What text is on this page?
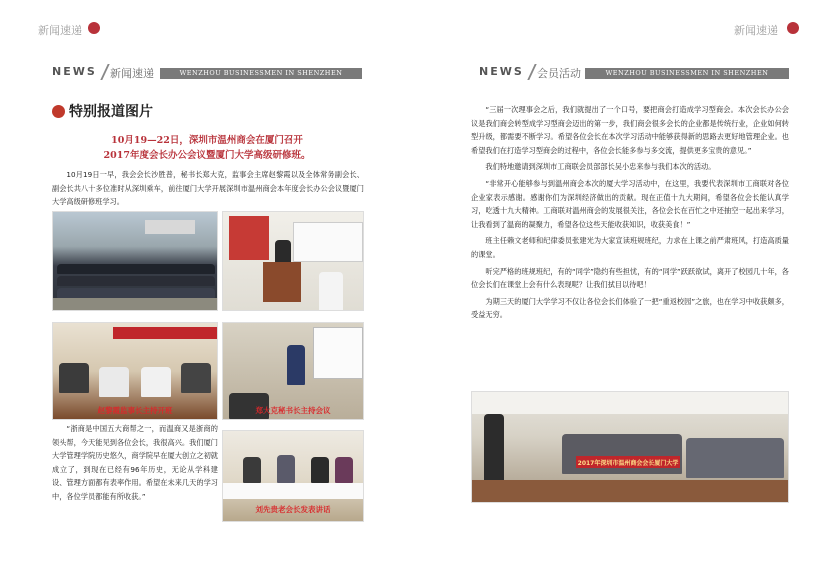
新闻速递
NEWS 新闻速递	WENZHOU BUSINESSMEN IN SHENZHEN
特别报道图片
10月19—22日，深圳市温州商会在厦门召开
2017年度会长办公会议暨厦门大学高级研修班。

10月19日一早，我会会长沙胜普，秘书长郑大克，监事会主席赵黎霞以及全体常务副会长、副会长共八十多位准时从深圳乘车，前往厦门大学开展深圳市温州商会本年度会长办公会议暨厦门大学高级研修班学习。

赵黎霞监事长主持开班	郑大克秘书长主持会议

“浙商是中国五大商帮之一，而温商又是浙商的领头帮，今天能见到各位会长，我很高兴。我们厦门大学管理学院历史悠久，商学院早在厦大创立之初就成立了，到现在已经有96年历史，无论从学科建设、管理方面都有表率作用。希望在未来几天的学习中，各位学员都能有所收获。”

刘先贵老会长发表讲话
新闻速递
NEWS 会员活动	WENZHOU BUSINESSMEN IN SHENZHEN

“三届一次理事会之后，我们就提出了一个口号，要把商会打造成学习型商会。本次会长办公会议是我们商会转型成学习型商会迈出的第一步，我们商会很多会长的企业都是传统行业，企业如何转型升级，都需要不断学习。希望各位会长在本次学习活动中能够获得新的思路去更好地管理企业。也希望我们在打造学习型商会的过程中，各位会长能多参与多交流，提供更多宝贵的意见。”

我们特地邀请到深圳市工商联会员部部长吴小忠来参与我们本次的活动。

“非常开心能够参与到温州商会本次的厦大学习活动中，在这里，我要代表深圳市工商联对各位企业家表示感谢。感谢你们为深圳经济做出的贡献。现在正值十九大期间，希望各位会长能认真学习，吃透十九大精神。工商联对温州商会的发展很关注，各位会长在百忙之中还抽空一起出来学习，让我看到了温商的凝聚力，希望各位这些天能收获知识，收获美食！”

班主任赖文老师和纪律委员张建光为大家宣读班规班纪，力求在上课之前严肃班风，打造高质量的课堂。

听完严格的班规班纪，有的“同学”隐约有些担忧，有的“同学”跃跃欲试，离开了校园几十年，各位会长们在课堂上会有什么表现呢？让我们拭目以待吧！

为期三天的厦门大学学习不仅让各位会长们体验了一把“重返校园”之旅，也在学习中收获颇多，受益无穷。

2017年深圳市温州商会会长厦门大学
